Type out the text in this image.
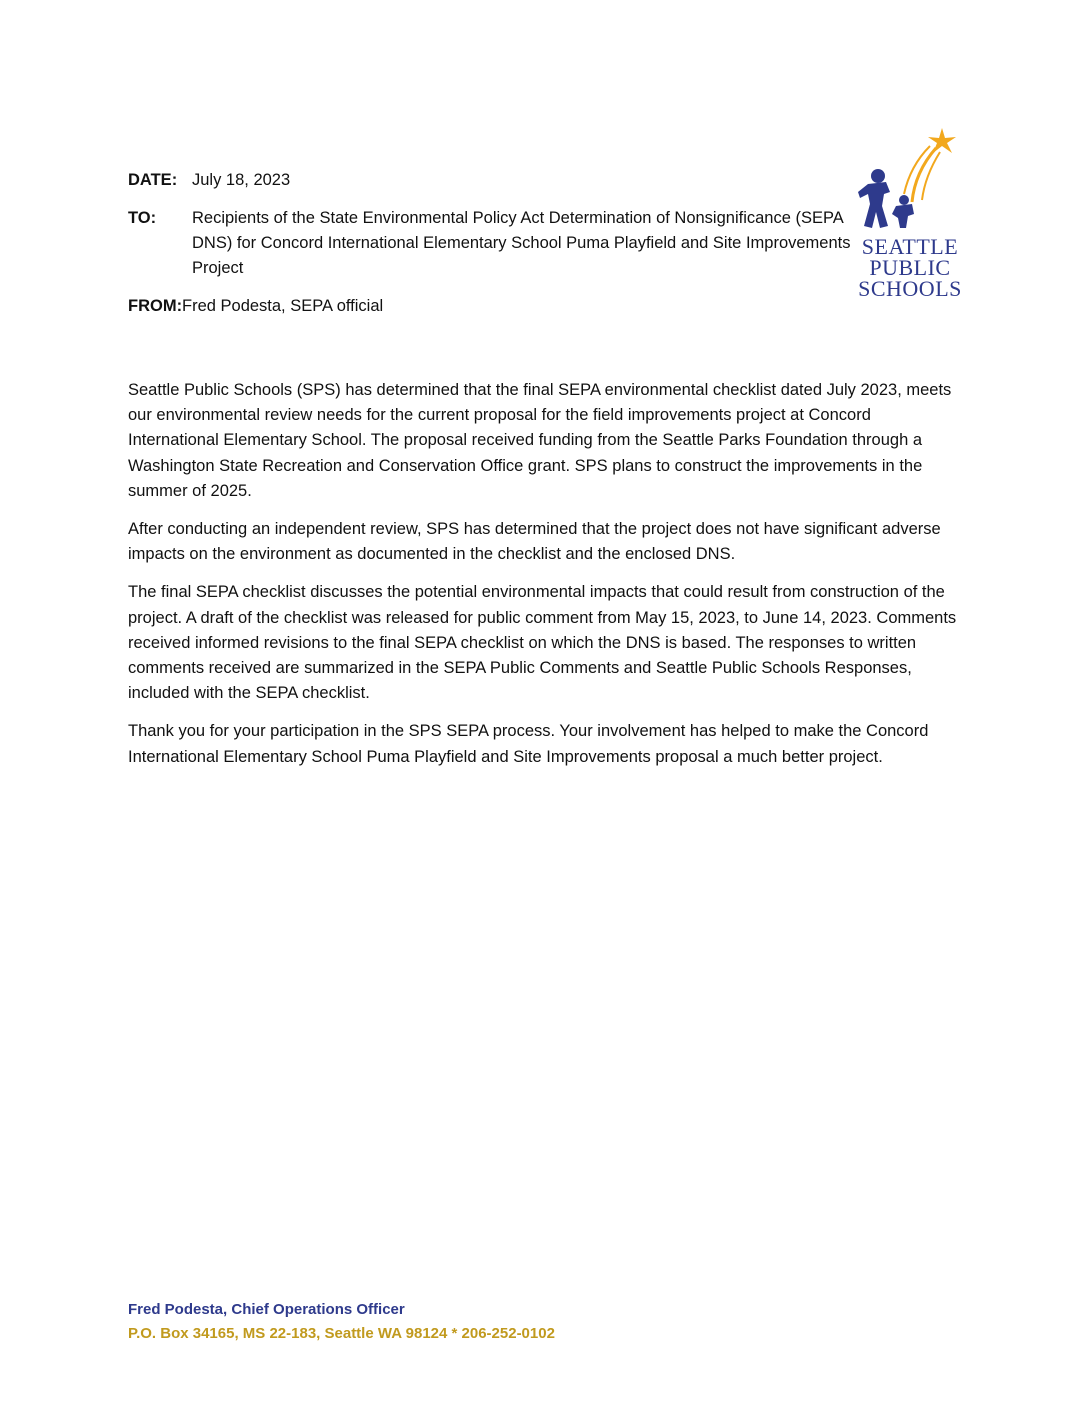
DATE: July 18, 2023
TO:	Recipients of the State Environmental Policy Act Determination of Nonsignificance (SEPA DNS) for Concord International Elementary School Puma Playfield and Site Improvements Project
FROM: Fred Podesta, SEPA official
SEATTLE
PUBLIC
SCHOOLS

Seattle Public Schools (SPS) has determined that the final SEPA environmental checklist dated July 2023, meets our environmental review needs for the current proposal for the field improvements project at Concord International Elementary School. The proposal received funding from the Seattle Parks Foundation through a Washington State Recreation and Conservation Office grant. SPS plans to construct the improvements in the summer of 2025.

After conducting an independent review, SPS has determined that the project does not have significant adverse impacts on the environment as documented in the checklist and the enclosed DNS.

The final SEPA checklist discusses the potential environmental impacts that could result from construction of the project. A draft of the checklist was released for public comment from May 15, 2023, to June 14, 2023. Comments received informed revisions to the final SEPA checklist on which the DNS is based. The responses to written comments received are summarized in the SEPA Public Comments and Seattle Public Schools Responses, included with the SEPA checklist.

Thank you for your participation in the SPS SEPA process. Your involvement has helped to make the Concord International Elementary School Puma Playfield and Site Improvements proposal a much better project.

Fred Podesta, Chief Operations Officer
P.O. Box 34165, MS 22-183, Seattle WA 98124 * 206-252-0102
